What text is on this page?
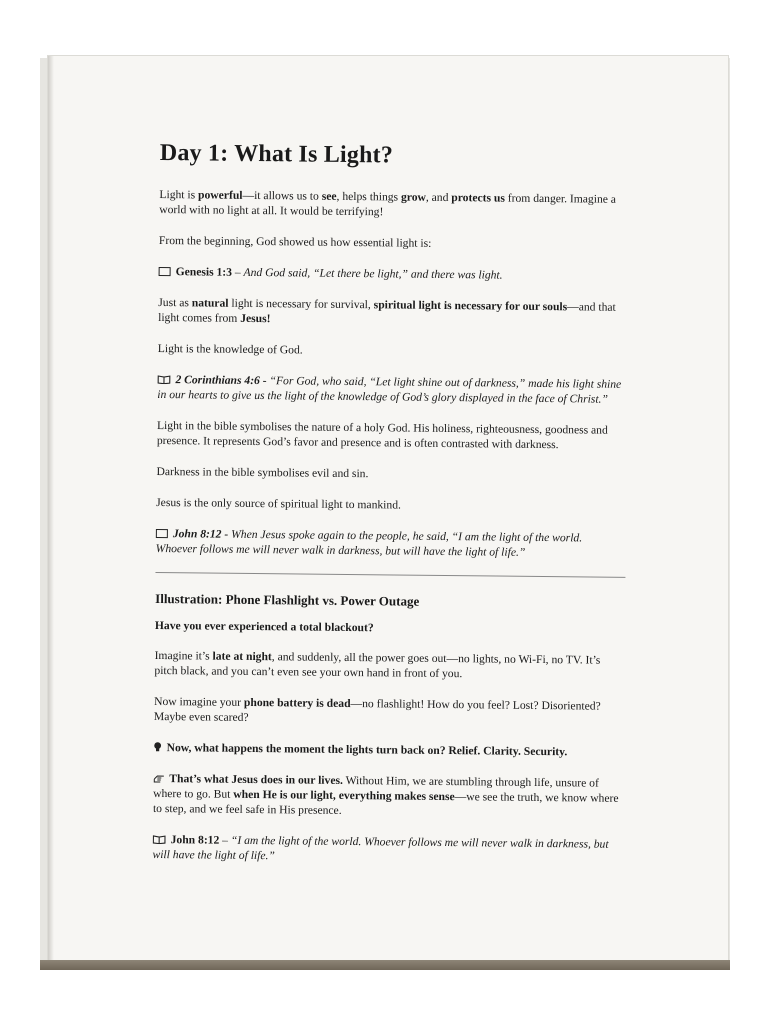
Day 1: What Is Light?

Light is powerful—it allows us to see, helps things grow, and protects us from danger. Imagine a world with no light at all. It would be terrifying!

From the beginning, God showed us how essential light is:

Genesis 1:3 – And God said, “Let there be light,” and there was light.

Just as natural light is necessary for survival, spiritual light is necessary for our souls—and that light comes from Jesus!

Light is the knowledge of God.

2 Corinthians 4:6 - “For God, who said, “Let light shine out of darkness,” made his light shine in our hearts to give us the light of the knowledge of God’s glory displayed in the face of Christ.”

Light in the bible symbolises the nature of a holy God. His holiness, righteousness, goodness and presence. It represents God’s favor and presence and is often contrasted with darkness.

Darkness in the bible symbolises evil and sin.

Jesus is the only source of spiritual light to mankind.

John 8:12 - When Jesus spoke again to the people, he said, “I am the light of the world. Whoever follows me will never walk in darkness, but will have the light of life.”
Illustration: Phone Flashlight vs. Power Outage
Have you ever experienced a total blackout?

Imagine it’s late at night, and suddenly, all the power goes out—no lights, no Wi-Fi, no TV. It’s pitch black, and you can’t even see your own hand in front of you.

Now imagine your phone battery is dead—no flashlight! How do you feel? Lost? Disoriented? Maybe even scared?

Now, what happens the moment the lights turn back on? Relief. Clarity. Security.

That’s what Jesus does in our lives. Without Him, we are stumbling through life, unsure of where to go. But when He is our light, everything makes sense—we see the truth, we know where to step, and we feel safe in His presence.

John 8:12 – “I am the light of the world. Whoever follows me will never walk in darkness, but will have the light of life.”
